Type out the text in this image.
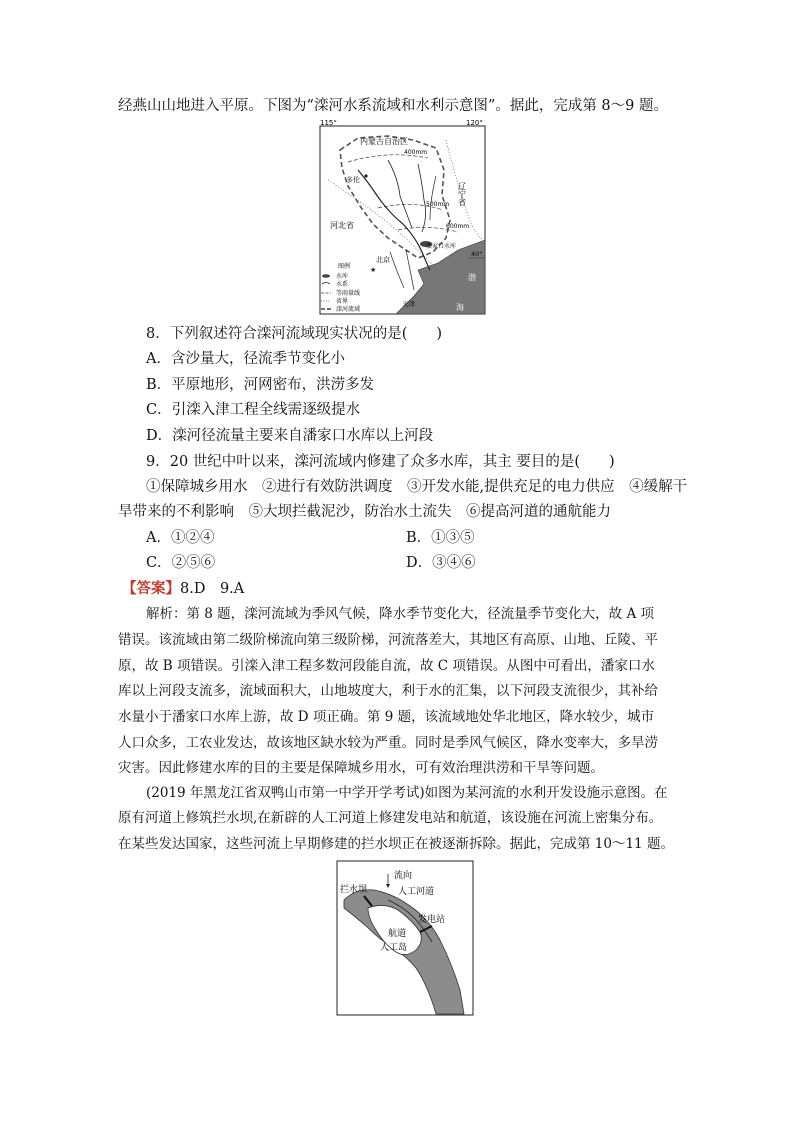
经燕山山地进入平原。下图为“滦河水系流域和水利示意图”。据此，完成第 8～9 题。
115°	120°
40°
内蒙古自治区
400mm
500mm
600mm
多伦
辽宁省
河北省
潘家口水库
北京
★
天津
渤
海
图例
水库
水系
等雨量线
省界
滦河流域
8．下列叙述符合滦河流域现实状况的是(　　)
A．含沙量大，径流季节变化小
B．平原地形，河网密布，洪涝多发
C．引滦入津工程全线需逐级提水
D．滦河径流量主要来自潘家口水库以上河段
9．20 世纪中叶以来，滦河流域内修建了众多水库，其主 要目的是(　　)
①保障城乡用水　②进行有效防洪调度　③开发水能,提供充足的电力供应　④缓解干
旱带来的不利影响　⑤大坝拦截泥沙，防治水土流失　⑥提高河道的通航能力
A．①②④	B．①③⑤
C．②⑤⑥	D．③④⑥
【答案】8.D　9.A
解析：第 8 题，滦河流域为季风气候，降水季节变化大，径流量季节变化大，故 A 项
错误。该流域由第二级阶梯流向第三级阶梯，河流落差大，其地区有高原、山地、丘陵、平
原，故 B 项错误。引滦入津工程多数河段能自流，故 C 项错误。从图中可看出，潘家口水
库以上河段支流多，流域面积大，山地坡度大，利于水的汇集，以下河段支流很少，其补给
水量小于潘家口水库上游，故 D 项正确。第 9 题，该流域地处华北地区，降水较少，城市
人口众多，工农业发达，故该地区缺水较为严重。同时是季风气候区，降水变率大，多旱涝
灾害。因此修建水库的目的主要是保障城乡用水，可有效治理洪涝和干旱等问题。
(2019 年黑龙江省双鸭山市第一中学开学考试)如图为某河流的水利开发设施示意图。在
原有河道上修筑拦水坝,在新辟的人工河道上修建发电站和航道，该设施在河流上密集分布。
在某些发达国家，这些河流上早期修建的拦水坝正在被逐渐拆除。据此，完成第 10～11 题。
拦水坝
流向
人工河道
发电站
航道
人工岛
